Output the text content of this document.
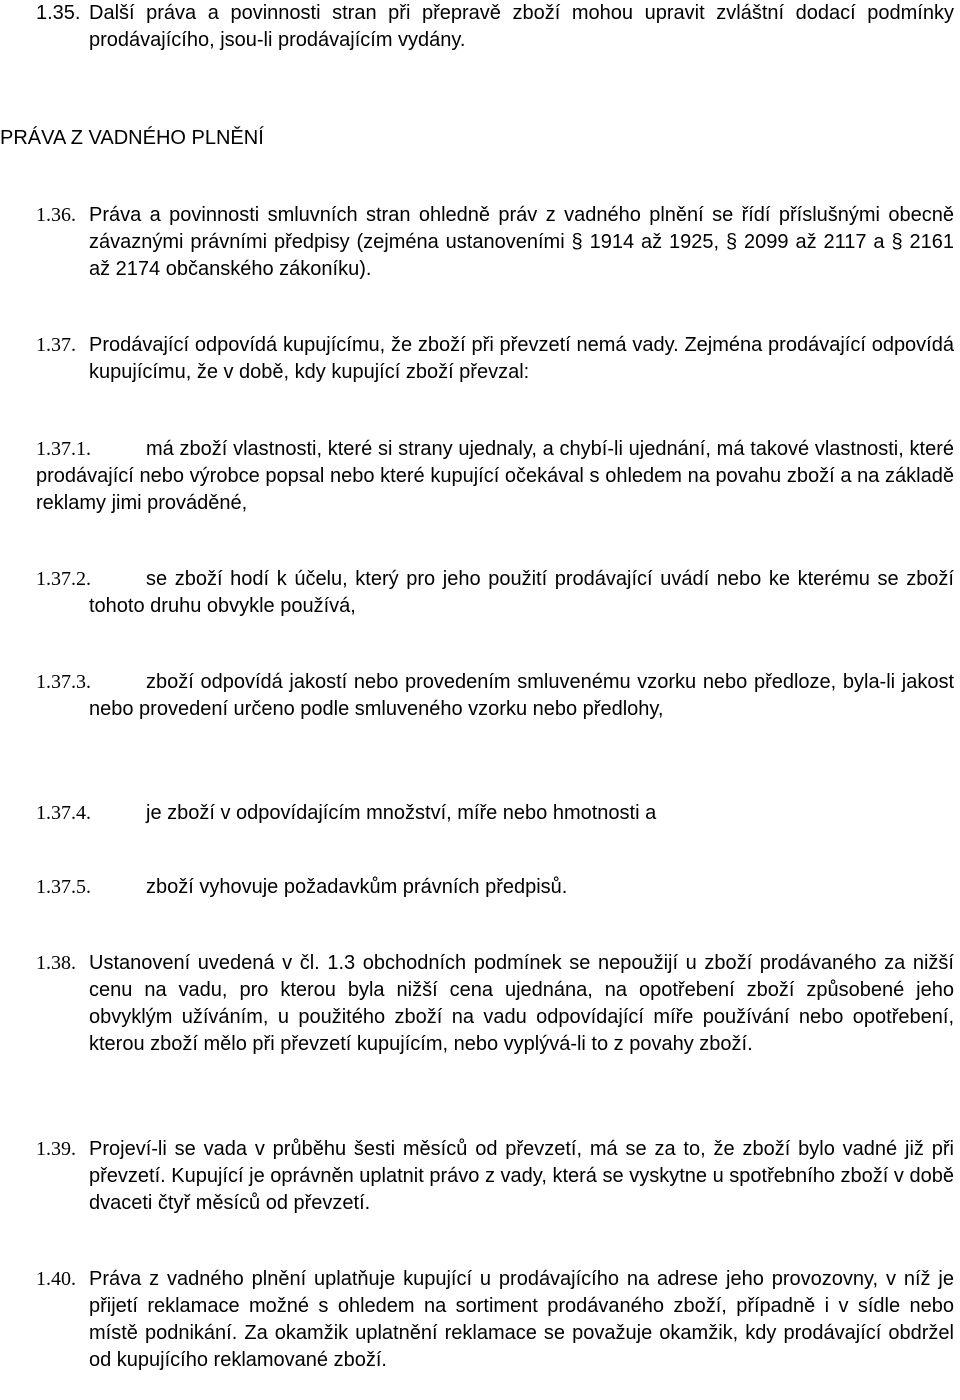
1.35. Další práva a povinnosti stran při přepravě zboží mohou upravit zvláštní dodací podmínky prodávajícího, jsou-li prodávajícím vydány.
PRÁVA Z VADNÉHO PLNĚNÍ
1.36. Práva a povinnosti smluvních stran ohledně práv z vadného plnění se řídí příslušnými obecně závaznými právními předpisy (zejména ustanoveními § 1914 až 1925, § 2099 až 2117 a § 2161 až 2174 občanského zákoníku).
1.37. Prodávající odpovídá kupujícímu, že zboží při převzetí nemá vady. Zejména prodávající odpovídá kupujícímu, že v době, kdy kupující zboží převzal:
1.37.1.	má zboží vlastnosti, které si strany ujednaly, a chybí-li ujednání, má takové vlastnosti, které prodávající nebo výrobce popsal nebo které kupující očekával s ohledem na povahu zboží a na základě reklamy jimi prováděné,
1.37.2.	se zboží hodí k účelu, který pro jeho použití prodávající uvádí nebo ke kterému se zboží tohoto druhu obvykle používá,
1.37.3.	zboží odpovídá jakostí nebo provedením smluvenému vzorku nebo předloze, byla-li jakost nebo provedení určeno podle smluveného vzorku nebo předlohy,
1.37.4.	je zboží v odpovídajícím množství, míře nebo hmotnosti a
1.37.5.	zboží vyhovuje požadavkům právních předpisů.
1.38. Ustanovení uvedená v čl. 1.3 obchodních podmínek se nepoužijí u zboží prodávaného za nižší cenu na vadu, pro kterou byla nižší cena ujednána, na opotřebení zboží způsobené jeho obvyklým užíváním, u použitého zboží na vadu odpovídající míře používání nebo opotřebení, kterou zboží mělo při převzetí kupujícím, nebo vyplývá-li to z povahy zboží.
1.39. Projeví-li se vada v průběhu šesti měsíců od převzetí, má se za to, že zboží bylo vadné již při převzetí. Kupující je oprávněn uplatnit právo z vady, která se vyskytne u spotřebního zboží v době dvaceti čtyř měsíců od převzetí.
1.40. Práva z vadného plnění uplatňuje kupující u prodávajícího na adrese jeho provozovny, v níž je přijetí reklamace možné s ohledem na sortiment prodávaného zboží, případně i v sídle nebo místě podnikání. Za okamžik uplatnění reklamace se považuje okamžik, kdy prodávající obdržel od kupujícího reklamované zboží.
